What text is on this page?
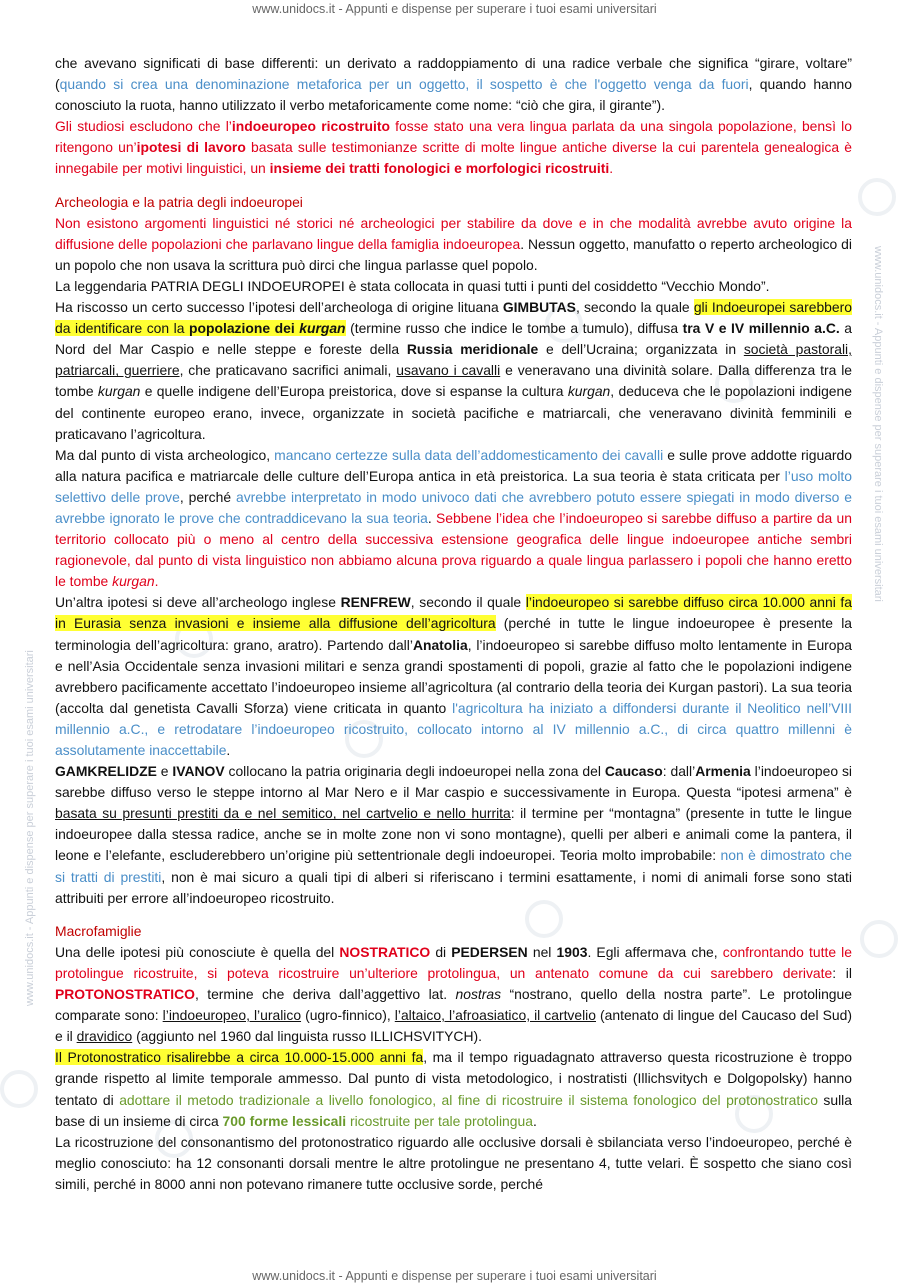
www.unidocs.it - Appunti e dispense per superare i tuoi esami universitari
www.unidocs.it - Appunti e dispense per superare i tuoi esami universitari
www.unidocs.it - Appunti e dispense per superare i tuoi esami universitari

che avevano significati di base differenti: un derivato a raddoppiamento di una radice verbale che significa “girare, voltare” (quando si crea una denominazione metaforica per un oggetto, il sospetto è che l'oggetto venga da fuori, quando hanno conosciuto la ruota, hanno utilizzato il verbo metaforicamente come nome: “ciò che gira, il girante”).

Gli studiosi escludono che l’indoeuropeo ricostruito fosse stato una vera lingua parlata da una singola popolazione, bensì lo ritengono un’ipotesi di lavoro basata sulle testimonianze scritte di molte lingue antiche diverse la cui parentela genealogica è innegabile per motivi linguistici, un insieme dei tratti fonologici e morfologici ricostruiti.

Archeologia e la patria degli indoeuropei

Non esistono argomenti linguistici né storici né archeologici per stabilire da dove e in che modalità avrebbe avuto origine la diffusione delle popolazioni che parlavano lingue della famiglia indoeuropea. Nessun oggetto, manufatto o reperto archeologico di un popolo che non usava la scrittura può dirci che lingua parlasse quel popolo.

La leggendaria PATRIA DEGLI INDOEUROPEI è stata collocata in quasi tutti i punti del cosiddetto “Vecchio Mondo”.

Ha riscosso un certo successo l’ipotesi dell’archeologa di origine lituana GIMBUTAS, secondo la quale gli Indoeuropei sarebbero da identificare con la popolazione dei kurgan (termine russo che indice le tombe a tumulo), diffusa tra V e IV millennio a.C. a Nord del Mar Caspio e nelle steppe e foreste della Russia meridionale e dell’Ucraina; organizzata in società pastorali, patriarcali, guerriere, che praticavano sacrifici animali, usavano i cavalli e veneravano una divinità solare. Dalla differenza tra le tombe kurgan e quelle indigene dell’Europa preistorica, dove si espanse la cultura kurgan, deduceva che le popolazioni indigene del continente europeo erano, invece, organizzate in società pacifiche e matriarcali, che veneravano divinità femminili e praticavano l’agricoltura.

Ma dal punto di vista archeologico, mancano certezze sulla data dell’addomesticamento dei cavalli e sulle prove addotte riguardo alla natura pacifica e matriarcale delle culture dell’Europa antica in età preistorica. La sua teoria è stata criticata per l’uso molto selettivo delle prove, perché avrebbe interpretato in modo univoco dati che avrebbero potuto essere spiegati in modo diverso e avrebbe ignorato le prove che contraddicevano la sua teoria. Sebbene l’idea che l’indoeuropeo si sarebbe diffuso a partire da un territorio collocato più o meno al centro della successiva estensione geografica delle lingue indoeuropee antiche sembri ragionevole, dal punto di vista linguistico non abbiamo alcuna prova riguardo a quale lingua parlassero i popoli che hanno eretto le tombe kurgan.

Un’altra ipotesi si deve all’archeologo inglese RENFREW, secondo il quale l’indoeuropeo si sarebbe diffuso circa 10.000 anni fa in Eurasia senza invasioni e insieme alla diffusione dell’agricoltura (perché in tutte le lingue indoeuropee è presente la terminologia dell’agricoltura: grano, aratro). Partendo dall’Anatolia, l’indoeuropeo si sarebbe diffuso molto lentamente in Europa e nell’Asia Occidentale senza invasioni militari e senza grandi spostamenti di popoli, grazie al fatto che le popolazioni indigene avrebbero pacificamente accettato l’indoeuropeo insieme all’agricoltura (al contrario della teoria dei Kurgan pastori). La sua teoria (accolta dal genetista Cavalli Sforza) viene criticata in quanto l'agricoltura ha iniziato a diffondersi durante il Neolitico nell’VIII millennio a.C., e retrodatare l’indoeuropeo ricostruito, collocato intorno al IV millennio a.C., di circa quattro millenni è assolutamente inaccettabile.

GAMKRELIDZE e IVANOV collocano la patria originaria degli indoeuropei nella zona del Caucaso: dall’Armenia l’indoeuropeo si sarebbe diffuso verso le steppe intorno al Mar Nero e il Mar caspio e successivamente in Europa. Questa “ipotesi armena” è basata su presunti prestiti da e nel semitico, nel cartvelio e nello hurrita: il termine per “montagna” (presente in tutte le lingue indoeuropee dalla stessa radice, anche se in molte zone non vi sono montagne), quelli per alberi e animali come la pantera, il leone e l’elefante, escluderebbero un’origine più settentrionale degli indoeuropei. Teoria molto improbabile: non è dimostrato che si tratti di prestiti, non è mai sicuro a quali tipi di alberi si riferiscano i termini esattamente, i nomi di animali forse sono stati attribuiti per errore all’indoeuropeo ricostruito.

Macrofamiglie

Una delle ipotesi più conosciute è quella del NOSTRATICO di PEDERSEN nel 1903. Egli affermava che, confrontando tutte le protolingue ricostruite, si poteva ricostruire un’ulteriore protolingua, un antenato comune da cui sarebbero derivate: il PROTONOSTRATICO, termine che deriva dall’aggettivo lat. nostras “nostrano, quello della nostra parte”. Le protolingue comparate sono: l’indoeuropeo, l’uralico (ugro-finnico), l’altaico, l’afroasiatico, il cartvelio (antenato di lingue del Caucaso del Sud) e il dravidico (aggiunto nel 1960 dal linguista russo ILLICHSVITYCH).

Il Protonostratico risalirebbe a circa 10.000-15.000 anni fa, ma il tempo riguadagnato attraverso questa ricostruzione è troppo grande rispetto al limite temporale ammesso. Dal punto di vista metodologico, i nostratisti (Illichsvitych e Dolgopolsky) hanno tentato di adottare il metodo tradizionale a livello fonologico, al fine di ricostruire il sistema fonologico del protonostratico sulla base di un insieme di circa 700 forme lessicali ricostruite per tale protolingua.

La ricostruzione del consonantismo del protonostratico riguardo alle occlusive dorsali è sbilanciata verso l’indoeuropeo, perché è meglio conosciuto: ha 12 consonanti dorsali mentre le altre protolingue ne presentano 4, tutte velari. È sospetto che siano così simili, perché in 8000 anni non potevano rimanere tutte occlusive sorde, perché

www.unidocs.it - Appunti e dispense per superare i tuoi esami universitari
